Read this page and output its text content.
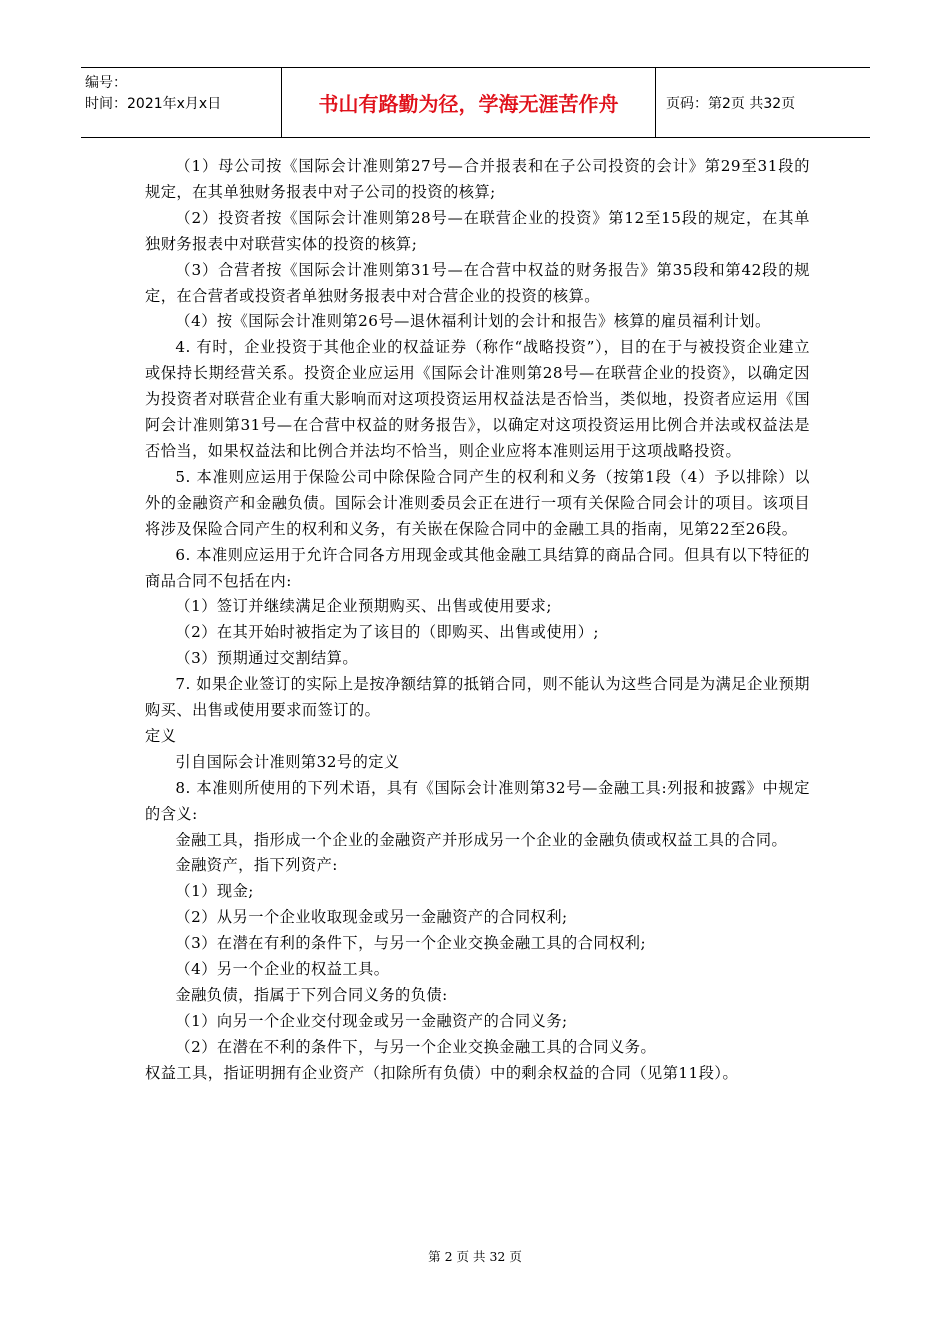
编号：
时间：2021年x月x日	书山有路勤为径，学海无涯苦作舟	页码：第2页 共32页

（1）母公司按《国际会计准则第27号—合并报表和在子公司投资的会计》第29至31段的规定，在其单独财务报表中对子公司的投资的核算;

（2）投资者按《国际会计准则第28号—在联营企业的投资》第12至15段的规定，在其单独财务报表中对联营实体的投资的核算;

（3）合营者按《国际会计准则第31号—在合营中权益的财务报告》第35段和第42段的规定，在合营者或投资者单独财务报表中对合营企业的投资的核算。

（4）按《国际会计准则第26号—退休福利计划的会计和报告》核算的雇员福利计划。

4. 有时，企业投资于其他企业的权益证券（称作“战略投资”），目的在于与被投资企业建立或保持长期经营关系。投资企业应运用《国际会计准则第28号—在联营企业的投资》，以确定因为投资者对联营企业有重大影响而对这项投资运用权益法是否恰当，类似地，投资者应运用《国阿会计准则第31号—在合营中权益的财务报告》，以确定对这项投资运用比例合并法或权益法是否恰当，如果权益法和比例合并法均不恰当，则企业应将本准则运用于这项战略投资。

5. 本准则应运用于保险公司中除保险合同产生的权利和义务（按第1段（4）予以排除）以外的金融资产和金融负债。国际会计准则委员会正在进行一项有关保险合同会计的项目。该项目将涉及保险合同产生的权利和义务，有关嵌在保险合同中的金融工具的指南，见第22至26段。

6. 本准则应运用于允许合同各方用现金或其他金融工具结算的商品合同。但具有以下特征的商品合同不包括在内:

（1）签订并继续满足企业预期购买、出售或使用要求;

（2）在其开始时被指定为了该目的（即购买、出售或使用）;

（3）预期通过交割结算。

7. 如果企业签订的实际上是按净额结算的抵销合同，则不能认为这些合同是为满足企业预期购买、出售或使用要求而签订的。

定义

引自国际会计准则第32号的定义

8. 本准则所使用的下列术语，具有《国际会计准则第32号—金融工具:列报和披露》中规定的含义:

金融工具，指形成一个企业的金融资产并形成另一个企业的金融负债或权益工具的合同。

金融资产，指下列资产:

（1）现金;

（2）从另一个企业收取现金或另一金融资产的合同权利;

（3）在潜在有利的条件下，与另一个企业交换金融工具的合同权利;

（4）另一个企业的权益工具。

金融负债，指属于下列合同义务的负债:

（1）向另一个企业交付现金或另一金融资产的合同义务;

（2）在潜在不利的条件下，与另一个企业交换金融工具的合同义务。

权益工具，指证明拥有企业资产（扣除所有负债）中的剩余权益的合同（见第11段）。

第 2 页 共 32 页
